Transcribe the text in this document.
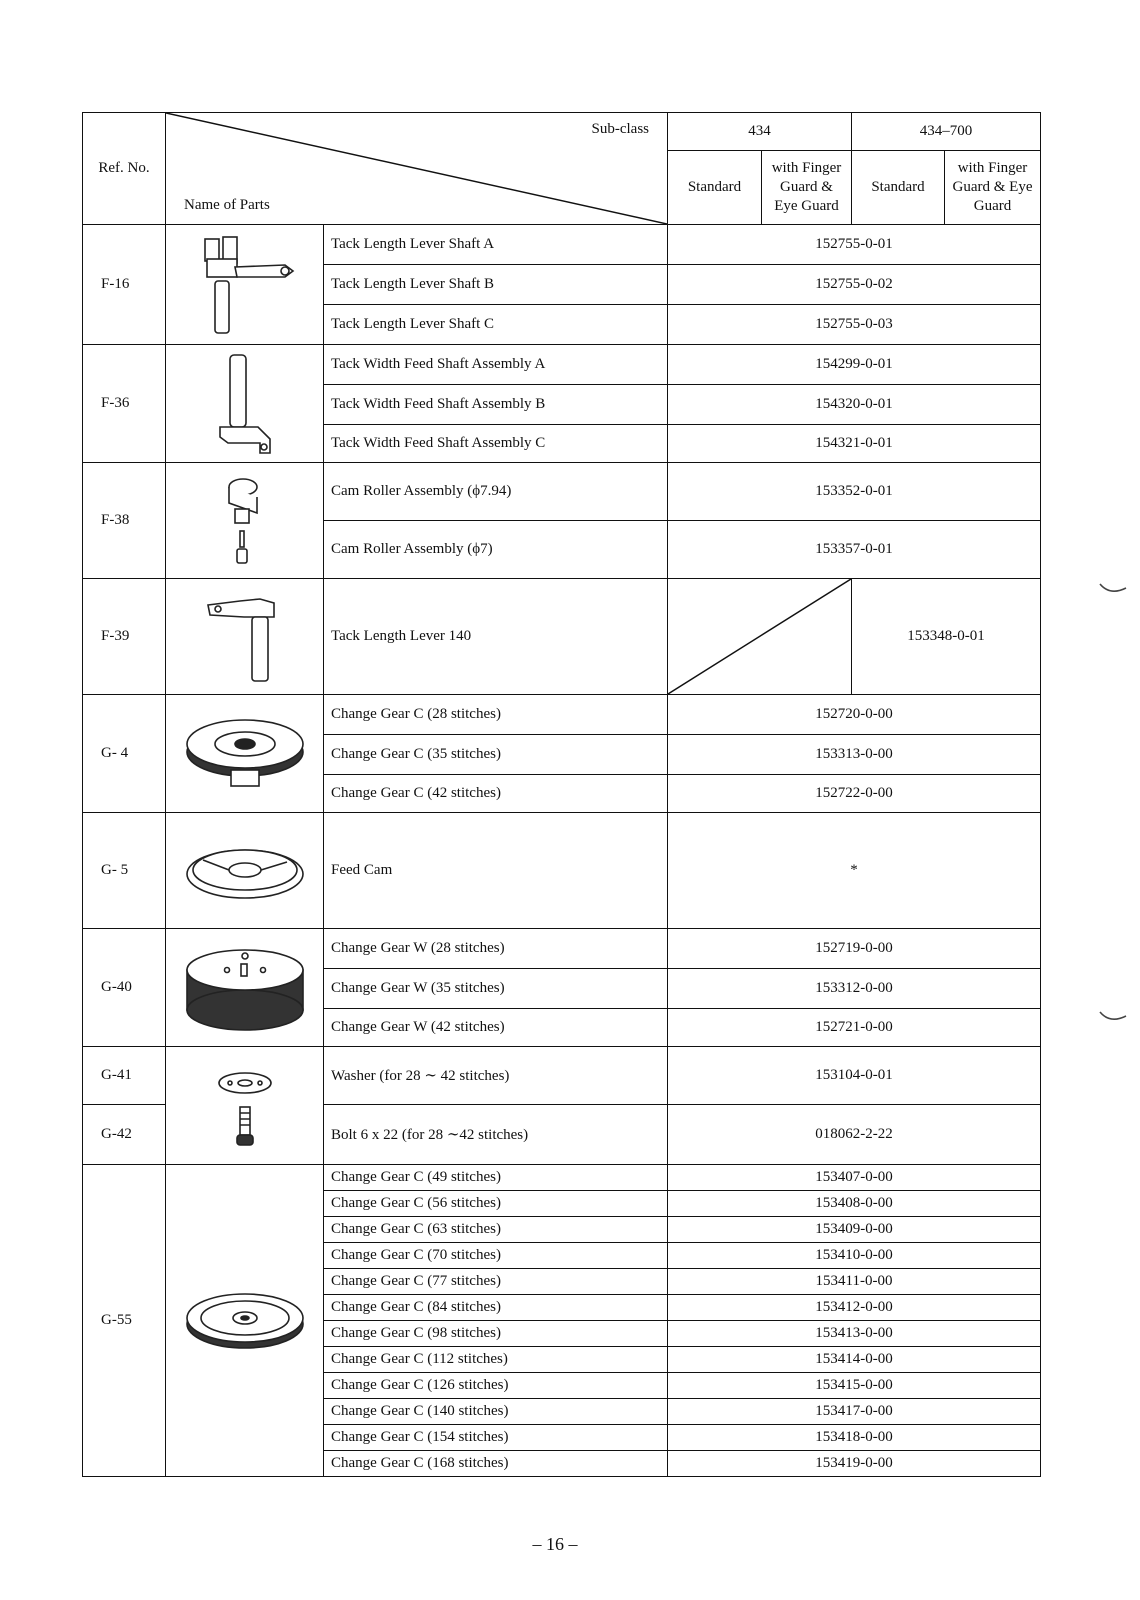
Ref. No.	Sub-class
Name of Parts		434		434–700	
			Standard	with Finger Guard & Eye Guard	Standard	with Finger Guard & Eye Guard
F-16		Tack Length Lever Shaft A	152755-0-01			
		Tack Length Lever Shaft B	152755-0-02			
		Tack Length Lever Shaft C	152755-0-03			
F-36		Tack Width Feed Shaft Assembly A	154299-0-01			
		Tack Width Feed Shaft Assembly B	154320-0-01			
		Tack Width Feed Shaft Assembly C	154321-0-01			
F-38		Cam Roller Assembly (ϕ7.94)	153352-0-01			
		Cam Roller Assembly (ϕ7)	153357-0-01			
F-39		Tack Length Lever 140			153348-0-01	
G- 4		Change Gear C (28 stitches)	152720-0-00			
		Change Gear C (35 stitches)	153313-0-00			
		Change Gear C (42 stitches)	152722-0-00			
G- 5		Feed Cam	*			
G-40		Change Gear W (28 stitches)	152719-0-00			
		Change Gear W (35 stitches)	153312-0-00			
		Change Gear W (42 stitches)	152721-0-00			
G-41		Washer (for 28 ∼ 42 stitches)	153104-0-01			
G-42		Bolt 6 x 22 (for 28 ∼42 stitches)	018062-2-22			
G-55		Change Gear C (49 stitches)	153407-0-00			
		Change Gear C (56 stitches)	153408-0-00			
		Change Gear C (63 stitches)	153409-0-00			
		Change Gear C (70 stitches)	153410-0-00			
		Change Gear C (77 stitches)	153411-0-00			
		Change Gear C (84 stitches)	153412-0-00			
		Change Gear C (98 stitches)	153413-0-00			
		Change Gear C (112 stitches)	153414-0-00			
		Change Gear C (126 stitches)	153415-0-00			
		Change Gear C (140 stitches)	153417-0-00			
		Change Gear C (154 stitches)	153418-0-00			
		Change Gear C (168 stitches)	153419-0-00			
– 16 –
